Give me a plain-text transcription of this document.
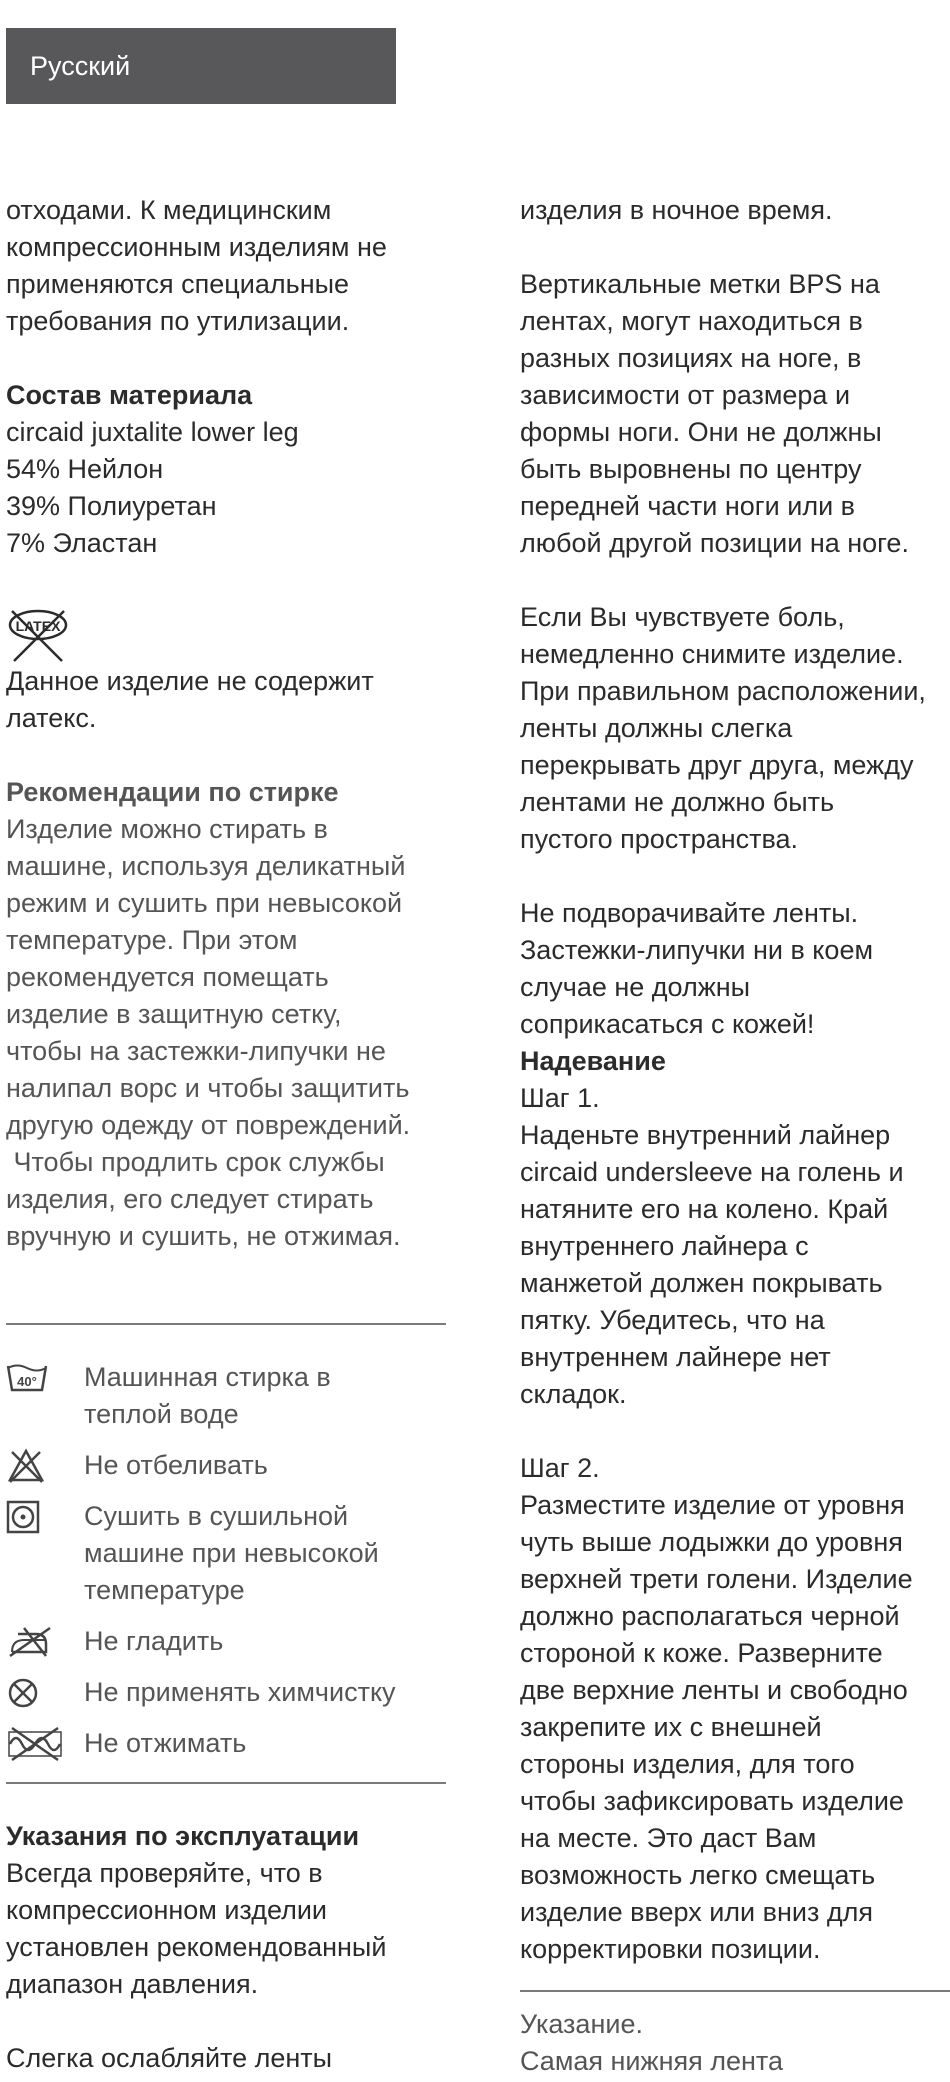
Русский

отходами. К медицинским
компрессионным изделиям не
применяются специальные
требования по утилизации.

Состав материала

circaid juxtalite lower leg
54% Нейлон
39% Полиуретан
7% Эластан

LATEX

Данное изделие не содержит
латекс.

Рекомендации по стирке

Изделие можно стирать в
машине, используя деликатный
режим и сушить при невысокой
температуре. При этом
рекомендуется помещать
изделие в защитную сетку,
чтобы на застежки-липучки не
налипал ворс и чтобы защитить
другую одежду от повреждений.
Чтобы продлить срок службы
изделия, его следует стирать
вручную и сушить, не отжимая.

40° Машинная стирка в
теплой воде
Не отбеливать
Сушить в сушильной
машине при невысокой
температуре
Не гладить
Не применять химчистку
Не отжимать

Указания по эксплуатации

Всегда проверяйте, что в
компрессионном изделии
установлен рекомендованный
диапазон давления.

Слегка ослабляйте ленты

изделия в ночное время.

Вертикальные метки BPS на
лентах, могут находиться в
разных позициях на ноге, в
зависимости от размера и
формы ноги. Они не должны
быть выровнены по центру
передней части ноги или в
любой другой позиции на ноге.

Если Вы чувствуете боль,
немедленно снимите изделие.
При правильном расположении,
ленты должны слегка
перекрывать друг друга, между
лентами не должно быть
пустого пространства.

Не подворачивайте ленты.
Застежки-липучки ни в коем
случае не должны
соприкасаться с кожей!

Надевание

Шаг 1.

Наденьте внутренний лайнер
circaid undersleeve на голень и
натяните его на колено. Край
внутреннего лайнера с
манжетой должен покрывать
пятку. Убедитесь, что на
внутреннем лайнере нет
складок.

Шаг 2.

Разместите изделие от уровня
чуть выше лодыжки до уровня
верхней трети голени. Изделие
должно располагаться черной
стороной к коже. Разверните
две верхние ленты и свободно
закрепите их с внешней
стороны изделия, для того
чтобы зафиксировать изделие
на месте. Это даст Вам
возможность легко смещать
изделие вверх или вниз для
корректировки позиции.

Указание.

Самая нижняя лента
